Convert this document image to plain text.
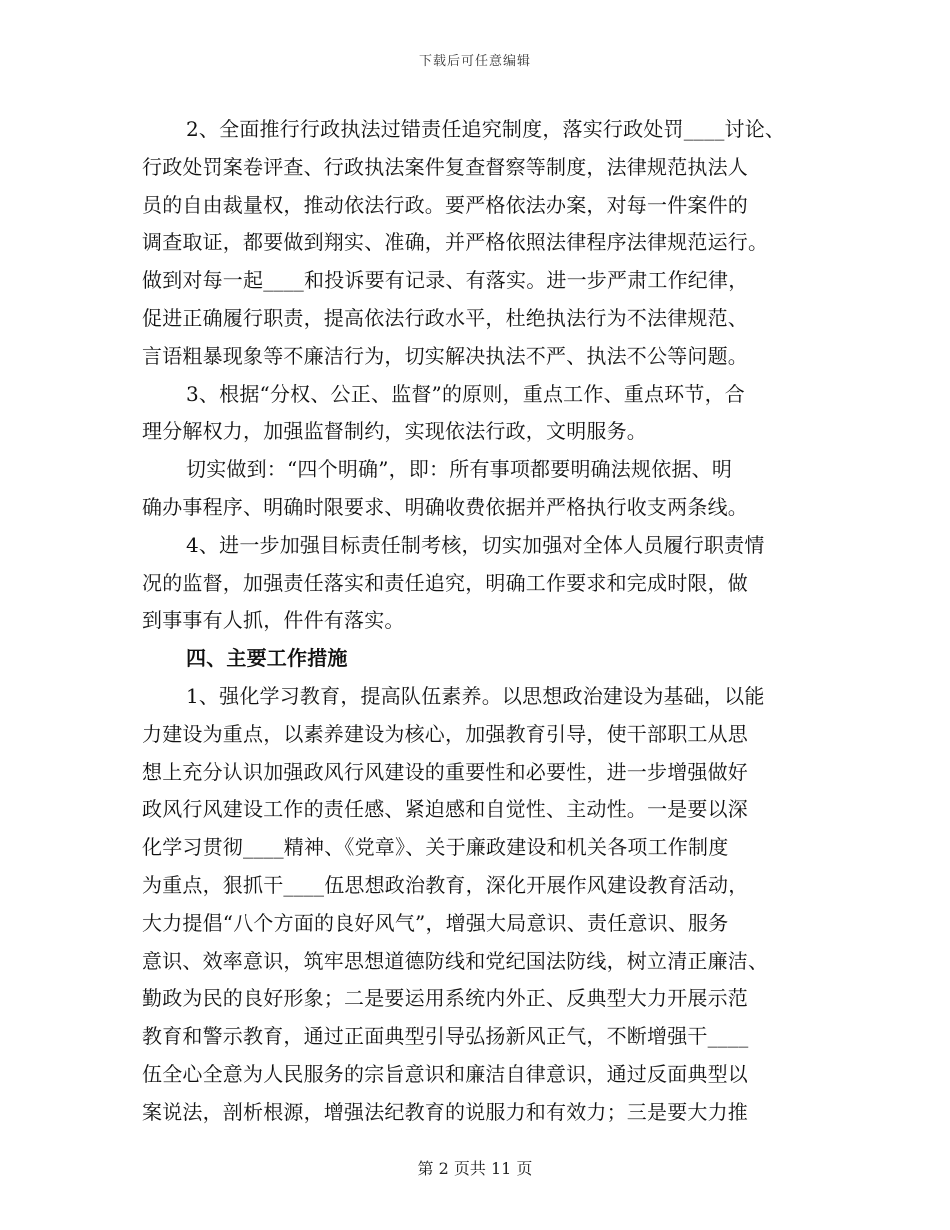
下载后可任意编辑
2、全面推行行政执法过错责任追究制度，落实行政处罚____讨论、
行政处罚案卷评查、行政执法案件复查督察等制度，法律规范执法人
员的自由裁量权，推动依法行政。要严格依法办案，对每一件案件的
调查取证，都要做到翔实、准确，并严格依照法律程序法律规范运行。
做到对每一起____和投诉要有记录、有落实。进一步严肃工作纪律，
促进正确履行职责，提高依法行政水平，杜绝执法行为不法律规范、
言语粗暴现象等不廉洁行为，切实解决执法不严、执法不公等问题。
3、根据“分权、公正、监督”的原则，重点工作、重点环节，合
理分解权力，加强监督制约，实现依法行政，文明服务。
切实做到：“四个明确”，即：所有事项都要明确法规依据、明
确办事程序、明确时限要求、明确收费依据并严格执行收支两条线。
4、进一步加强目标责任制考核，切实加强对全体人员履行职责情
况的监督，加强责任落实和责任追究，明确工作要求和完成时限，做
到事事有人抓，件件有落实。
四、主要工作措施
1、强化学习教育，提高队伍素养。以思想政治建设为基础，以能
力建设为重点，以素养建设为核心，加强教育引导，使干部职工从思
想上充分认识加强政风行风建设的重要性和必要性，进一步增强做好
政风行风建设工作的责任感、紧迫感和自觉性、主动性。一是要以深
化学习贯彻____精神、《党章》、关于廉政建设和机关各项工作制度
为重点，狠抓干____伍思想政治教育，深化开展作风建设教育活动，
大力提倡“八个方面的良好风气”，增强大局意识、责任意识、服务
意识、效率意识，筑牢思想道德防线和党纪国法防线，树立清正廉洁、
勤政为民的良好形象；二是要运用系统内外正、反典型大力开展示范
教育和警示教育，通过正面典型引导弘扬新风正气，不断增强干____
伍全心全意为人民服务的宗旨意识和廉洁自律意识，通过反面典型以
案说法，剖析根源，增强法纪教育的说服力和有效力；三是要大力推
第 2 页共 11 页
